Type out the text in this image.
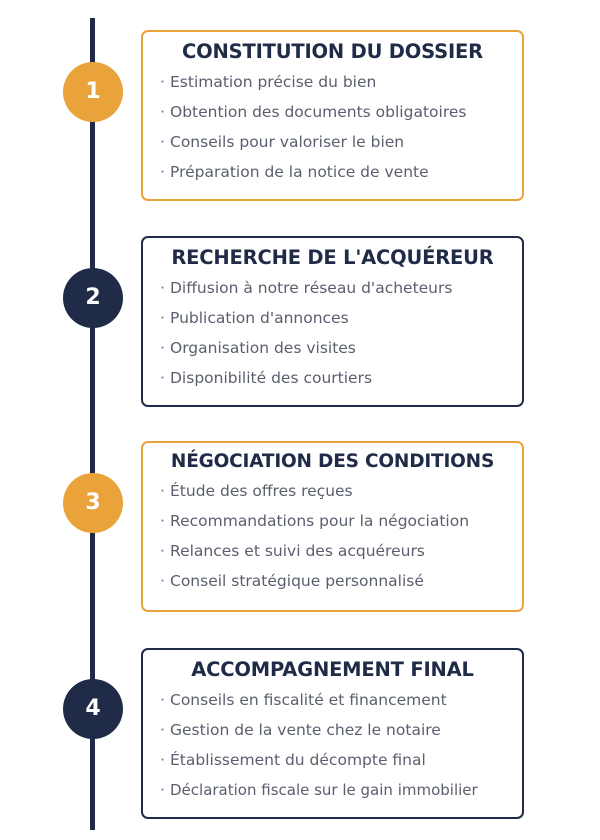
1
CONSTITUTION DU DOSSIER
· Estimation précise du bien
· Obtention des documents obligatoires
· Conseils pour valoriser le bien
· Préparation de la notice de vente
2
RECHERCHE DE L'ACQUÉREUR
· Diffusion à notre réseau d'acheteurs
· Publication d'annonces
· Organisation des visites
· Disponibilité des courtiers
3
NÉGOCIATION DES CONDITIONS
· Étude des offres reçues
· Recommandations pour la négociation
· Relances et suivi des acquéreurs
· Conseil stratégique personnalisé
4
ACCOMPAGNEMENT FINAL
· Conseils en fiscalité et financement
· Gestion de la vente chez le notaire
· Établissement du décompte final
· Déclaration fiscale sur le gain immobilier
